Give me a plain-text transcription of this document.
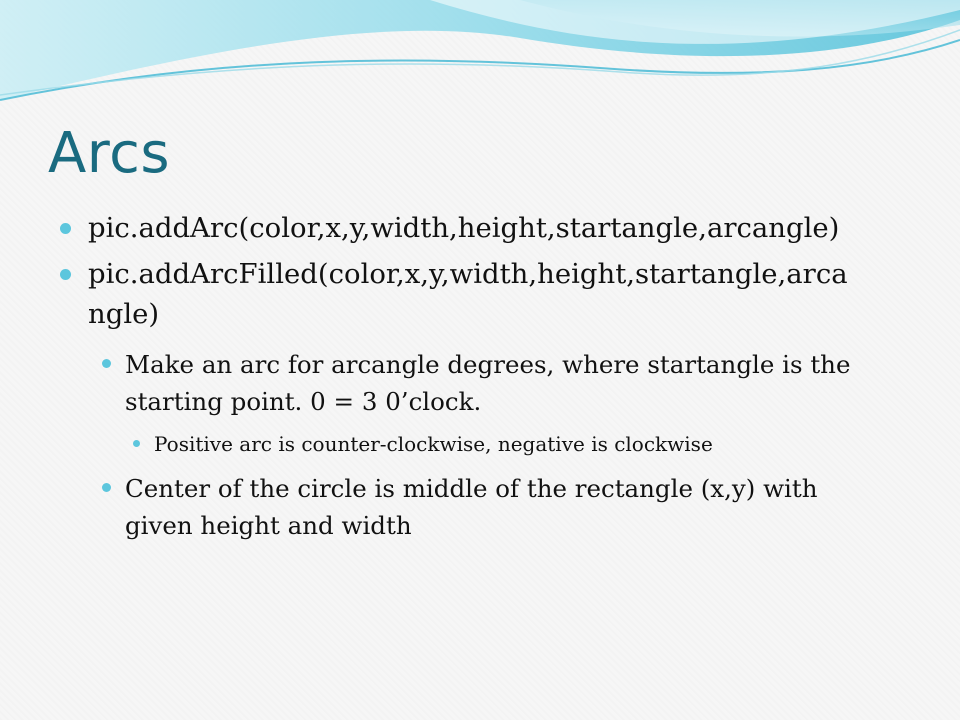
Arcs
pic.addArc(color,x,y,width,height,startangle,arcangle)
pic.addArcFilled(color,x,y,width,height,startangle,arca
ngle)
Make an arc for arcangle degrees, where startangle is the
starting point. 0 = 3 0’clock.
Positive arc is counter-clockwise, negative is clockwise
Center of the circle is middle of the rectangle (x,y) with
given height and width
